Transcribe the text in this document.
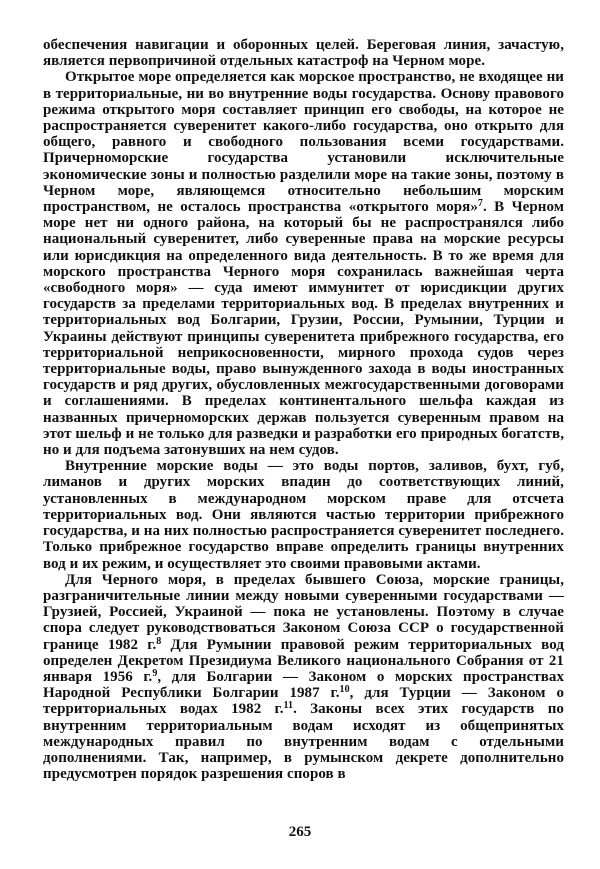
обеспечения навигации и оборонных целей. Береговая линия, зачастую, является первопричиной отдельных катастроф на Черном море.

Открытое море определяется как морское пространство, не входящее ни в территориальные, ни во внутренние воды государства. Основу правового режима открытого моря составляет принцип его свободы, на которое не распространяется суверенитет какого-либо государства, оно открыто для общего, равного и свободного пользования всеми государствами. Причерноморские государства установили исключительные экономические зоны и полностью разделили море на такие зоны, поэтому в Черном море, являющемся относительно небольшим морским пространством, не осталось пространства «открытого моря»$^7$. В Черном море нет ни одного района, на который бы не распространялся либо национальный суверенитет, либо суверенные права на морские ресурсы или юрисдикция на определенного вида деятельность. В то же время для морского пространства Черного моря сохранилась важнейшая черта «свободного моря» — суда имеют иммунитет от юрисдикции других государств за пределами территориальных вод. В пределах внутренних и территориальных вод Болгарии, Грузии, России, Румынии, Турции и Украины действуют принципы суверенитета прибрежного государства, его территориальной неприкосновенности, мирного прохода судов через территориальные воды, право вынужденного захода в воды иностранных государств и ряд других, обусловленных межгосударственными договорами и соглашениями. В пределах континентального шельфа каждая из названных причерноморских держав пользуется суверенным правом на этот шельф и не только для разведки и разработки его природных богатств, но и для подъема затонувших на нем судов.

Внутренние морские воды — это воды портов, заливов, бухт, губ, лиманов и других морских впадин до соответствующих линий, установленных в международном морском праве для отсчета территориальных вод. Они являются частью территории прибрежного государства, и на них полностью распространяется суверенитет последнего. Только прибрежное государство вправе определить границы внутренних вод и их режим, и осуществляет это своими правовыми актами.

Для Черного моря, в пределах бывшего Союза, морские границы, разграничительные линии между новыми суверенными государствами — Грузией, Россией, Украиной — пока не установлены. Поэтому в случае спора следует руководствоваться Законом Союза ССР о государственной границе 1982 г.$^8$ Для Румынии правовой режим территориальных вод определен Декретом Президиума Великого национального Собрания от 21 января 1956 г.$^9$, для Болгарии — Законом о морских пространствах Народной Республики Болгарии 1987 г.$^{10}$, для Турции — Законом о территориальных водах 1982 г.$^{11}$. Законы всех этих государств по внутренним территориальным водам исходят из общепринятых международных правил по внутренним водам с отдельными дополнениями. Так, например, в румынском декрете дополнительно предусмотрен порядок разрешения споров в

265
